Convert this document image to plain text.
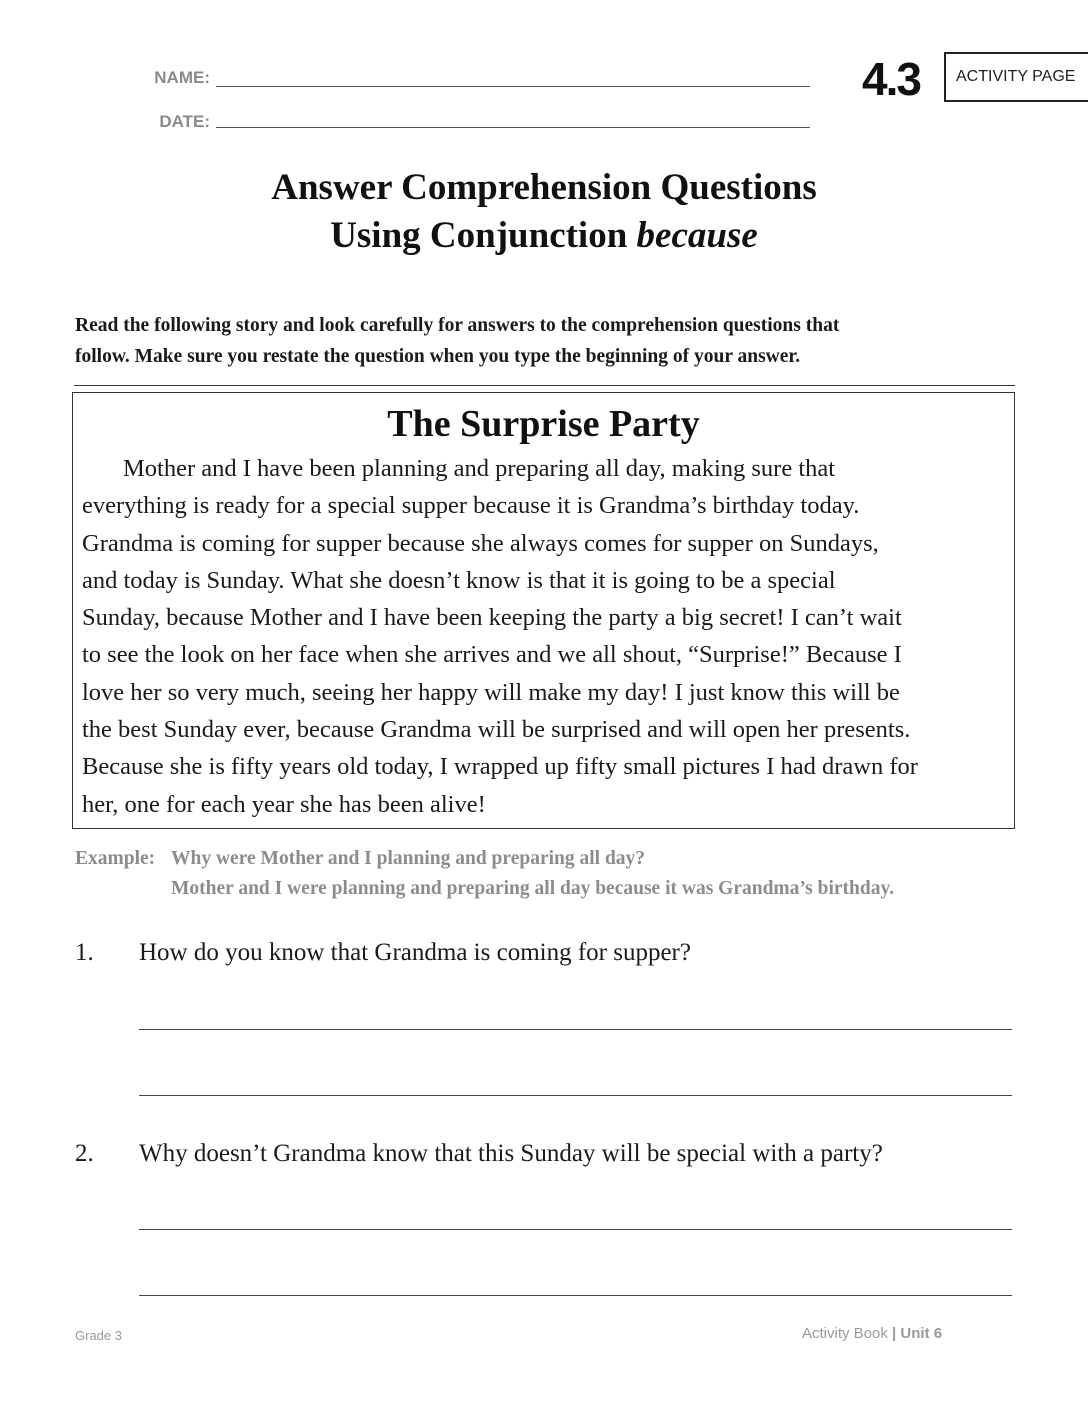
NAME:
DATE:
4.3	ACTIVITY PAGE
Answer Comprehension Questions
Using Conjunction because
Read the following story and look carefully for answers to the comprehension questions that
follow. Make sure you restate the question when you type the beginning of your answer.
The Surprise Party
Mother and I have been planning and preparing all day, making sure that
everything is ready for a special supper because it is Grandma’s birthday today.
Grandma is coming for supper because she always comes for supper on Sundays,
and today is Sunday. What she doesn’t know is that it is going to be a special
Sunday, because Mother and I have been keeping the party a big secret! I can’t wait
to see the look on her face when she arrives and we all shout, “Surprise!” Because I
love her so very much, seeing her happy will make my day! I just know this will be
the best Sunday ever, because Grandma will be surprised and will open her presents.
Because she is fifty years old today, I wrapped up fifty small pictures I had drawn for
her, one for each year she has been alive!
Example: Why were Mother and I planning and preparing all day?
Mother and I were planning and preparing all day because it was Grandma’s birthday.
1. How do you know that Grandma is coming for supper?
2. Why doesn’t Grandma know that this Sunday will be special with a party?
Grade 3	Activity Book | Unit 6
